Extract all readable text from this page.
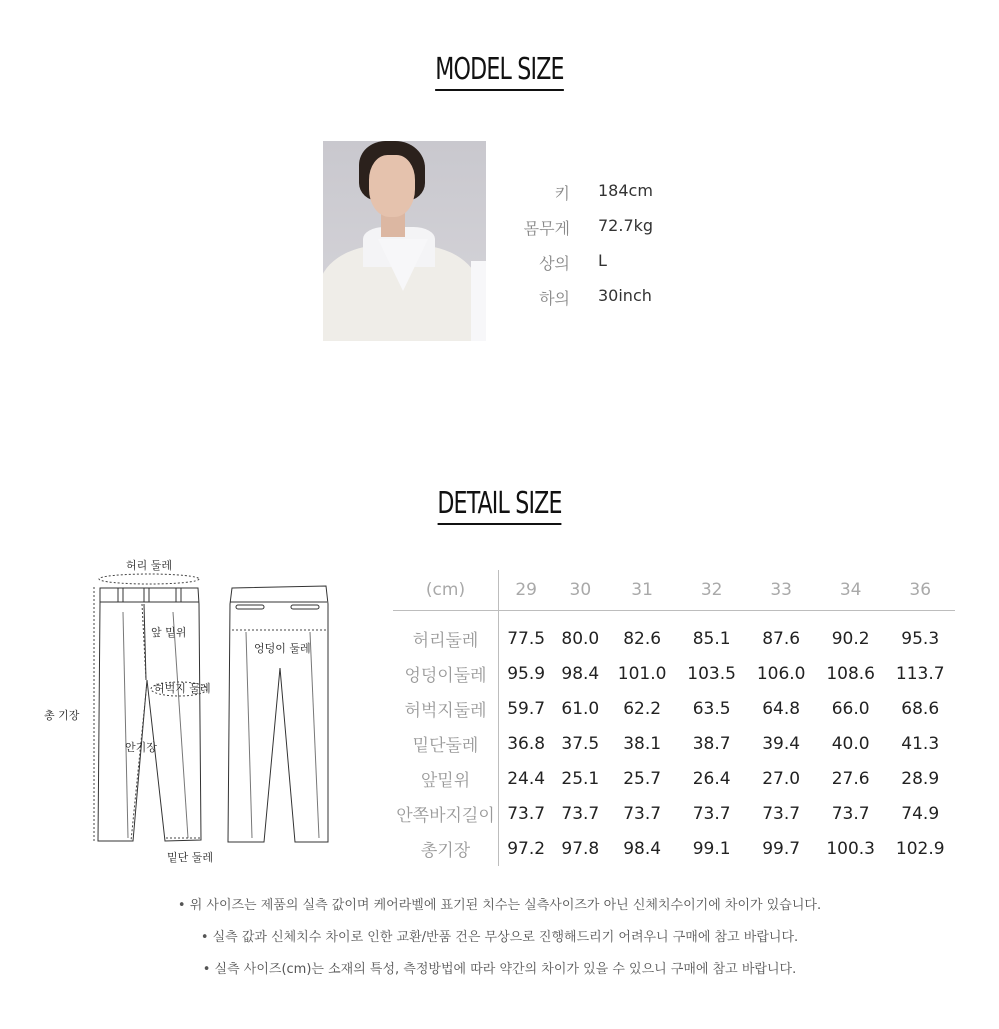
MODEL SIZE
키 184cm
몸무게 72.7kg
상의 L
하의 30inch
DETAIL SIZE
허리 둘레
앞 밑위
허벅지 둘레
총 기장
안기장
밑단 둘레
엉덩이 둘레
(cm)	29	30	31	32	33	34	36
허리둘레	77.5	80.0	82.6	85.1	87.6	90.2	95.3
엉덩이둘레	95.9	98.4	101.0	103.5	106.0	108.6	113.7
허벅지둘레	59.7	61.0	62.2	63.5	64.8	66.0	68.6
밑단둘레	36.8	37.5	38.1	38.7	39.4	40.0	41.3
앞밑위	24.4	25.1	25.7	26.4	27.0	27.6	28.9
안쪽바지길이	73.7	73.7	73.7	73.7	73.7	73.7	74.9
총기장	97.2	97.8	98.4	99.1	99.7	100.3	102.9
• 위 사이즈는 제품의 실측 값이며 케어라벨에 표기된 치수는 실측사이즈가 아닌 신체치수이기에 차이가 있습니다.
• 실측 값과 신체치수 차이로 인한 교환/반품 건은 무상으로 진행해드리기 어려우니 구매에 참고 바랍니다.
• 실측 사이즈(cm)는 소재의 특성, 측정방법에 따라 약간의 차이가 있을 수 있으니 구매에 참고 바랍니다.
